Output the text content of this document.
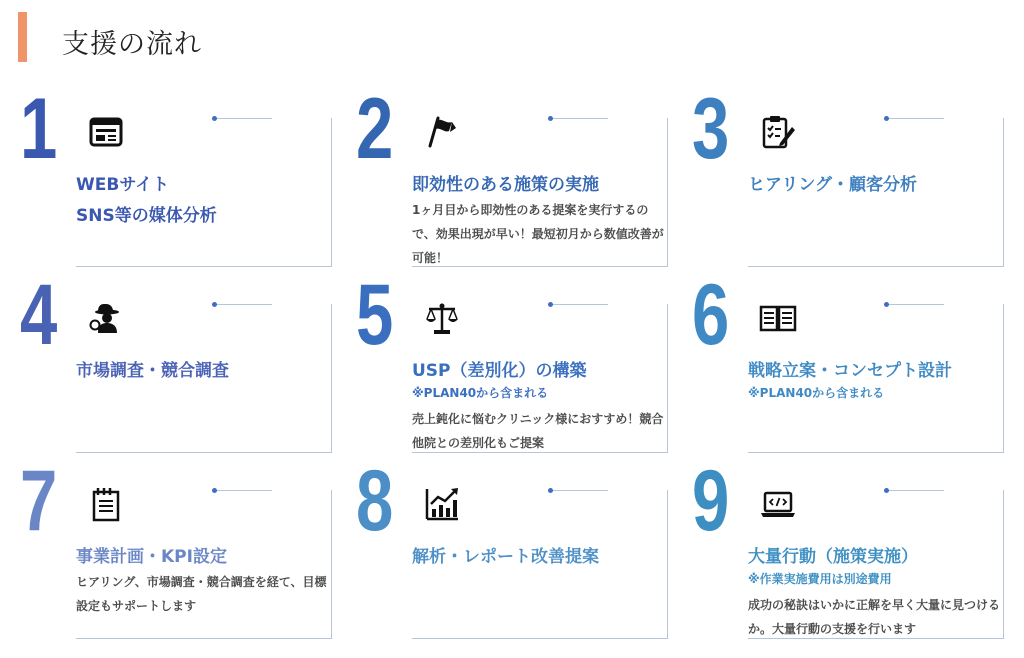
支援の流れ
1
WEBサイト
SNS等の媒体分析
2
即効性のある施策の実施
1ヶ月目から即効性のある提案を実行するので、効果出現が早い！最短初月から数値改善が可能！
3
ヒアリング・顧客分析
4
市場調査・競合調査
5
USP（差別化）の構築
※PLAN40から含まれる
売上鈍化に悩むクリニック様におすすめ！競合他院との差別化もご提案
6
戦略立案・コンセプト設計
※PLAN40から含まれる
7
事業計画・KPI設定
ヒアリング、市場調査・競合調査を経て、目標設定もサポートします
8
解析・レポート改善提案
9
大量行動（施策実施）
※作業実施費用は別途費用
成功の秘訣はいかに正解を早く大量に見つけるか。大量行動の支援を行います
